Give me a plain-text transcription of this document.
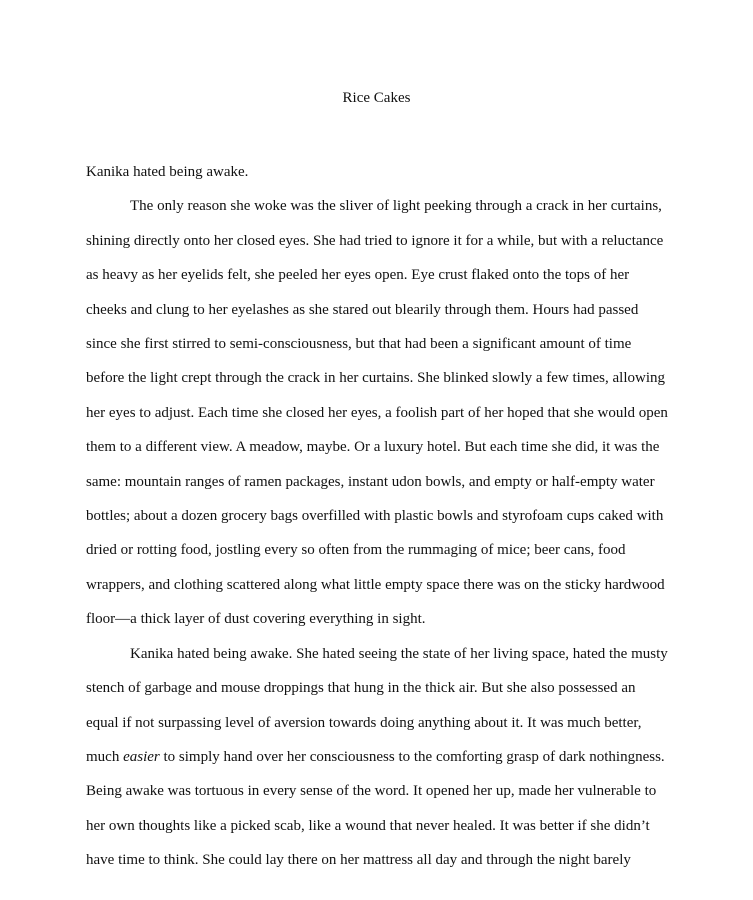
Rice Cakes

Kanika hated being awake.

The only reason she woke was the sliver of light peeking through a crack in her curtains, shining directly onto her closed eyes. She had tried to ignore it for a while, but with a reluctance as heavy as her eyelids felt, she peeled her eyes open. Eye crust flaked onto the tops of her cheeks and clung to her eyelashes as she stared out blearily through them. Hours had passed since she first stirred to semi-consciousness, but that had been a significant amount of time before the light crept through the crack in her curtains. She blinked slowly a few times, allowing her eyes to adjust. Each time she closed her eyes, a foolish part of her hoped that she would open them to a different view. A meadow, maybe. Or a luxury hotel. But each time she did, it was the same: mountain ranges of ramen packages, instant udon bowls, and empty or half-empty water bottles; about a dozen grocery bags overfilled with plastic bowls and styrofoam cups caked with dried or rotting food, jostling every so often from the rummaging of mice; beer cans, food wrappers, and clothing scattered along what little empty space there was on the sticky hardwood floor—a thick layer of dust covering everything in sight.

Kanika hated being awake. She hated seeing the state of her living space, hated the musty stench of garbage and mouse droppings that hung in the thick air. But she also possessed an equal if not surpassing level of aversion towards doing anything about it. It was much better, much easier to simply hand over her consciousness to the comforting grasp of dark nothingness. Being awake was tortuous in every sense of the word. It opened her up, made her vulnerable to her own thoughts like a picked scab, like a wound that never healed. It was better if she didn’t have time to think. She could lay there on her mattress all day and through the night barely
